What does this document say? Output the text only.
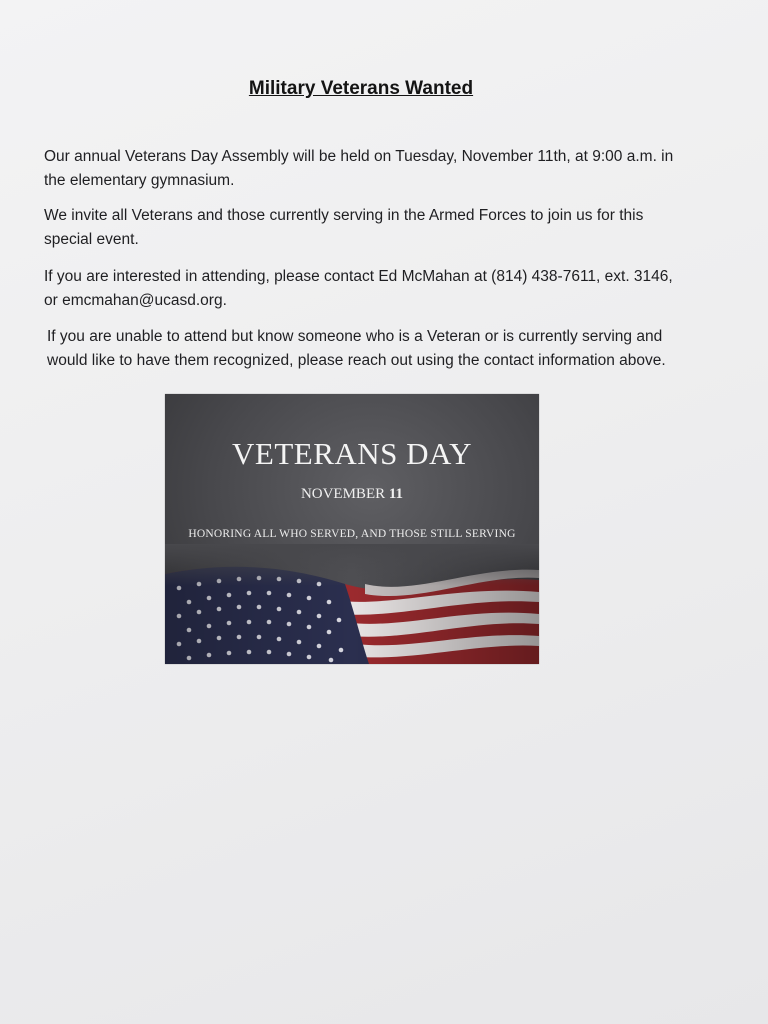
Military Veterans Wanted
Our annual Veterans Day Assembly will be held on Tuesday, November 11th, at 9:00 a.m. in the elementary gymnasium.
We invite all Veterans and those currently serving in the Armed Forces to join us for this special event.
If you are interested in attending, please contact Ed McMahan at (814) 438-7611, ext. 3146, or emcmahan@ucasd.org.
If you are unable to attend but know someone who is a Veteran or is currently serving and would like to have them recognized, please reach out using the contact information above.
VETERANS DAY
NOVEMBER 11
HONORING ALL WHO SERVED, AND THOSE STILL SERVING
